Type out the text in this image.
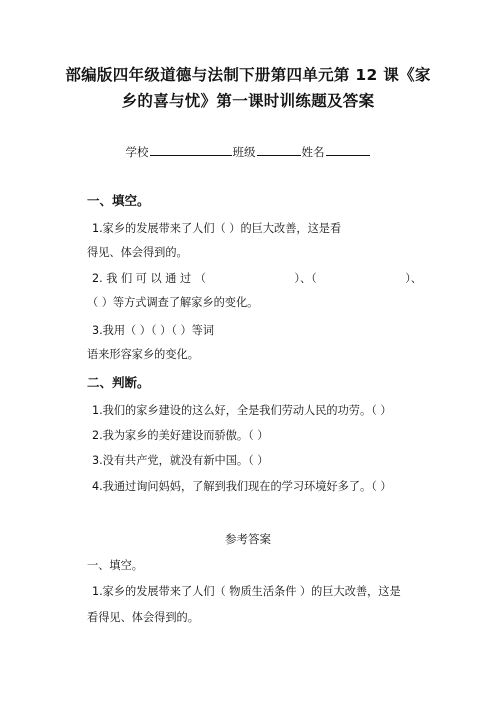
部编版四年级道德与法制下册第四单元第 12 课《家
乡的喜与忧》第一课时训练题及答案
学校	班级	姓名
一、填空。
1.家乡的发展带来了人们（ ）的巨大改善，这是看
得见、体会得到的。
2. 我 们 可 以 通 过 （	）、（	）、
（ ）等方式调查了解家乡的变化。
3.我用（ ）（ ）（ ）等词
语来形容家乡的变化。
二、判断。
1.我们的家乡建设的这么好，全是我们劳动人民的功劳。（ ）
2.我为家乡的美好建设而骄傲。（ ）
3.没有共产党，就没有新中国。（ ）
4.我通过询问妈妈，了解到我们现在的学习环境好多了。（ ）
参考答案
一、填空。
1.家乡的发展带来了人们（ 物质生活条件 ）的巨大改善，这是
看得见、体会得到的。
